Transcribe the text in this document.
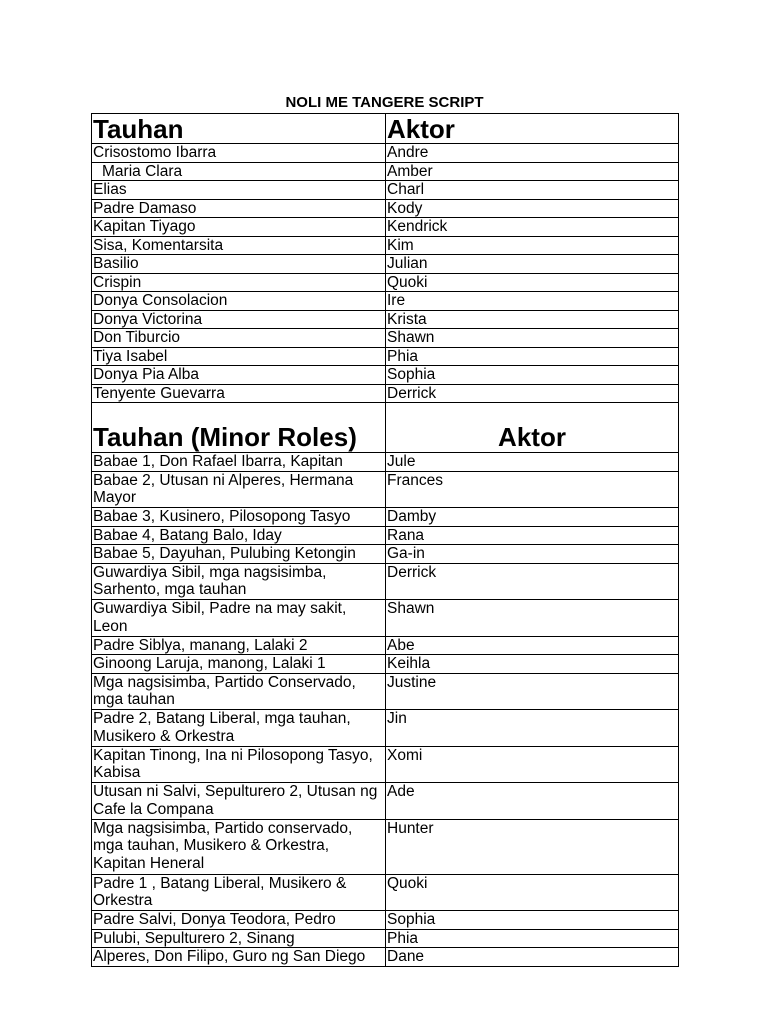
NOLI ME TANGERE SCRIPT
Tauhan	Aktor
Crisostomo Ibarra	Andre
Maria Clara	Amber
Elias	Charl
Padre Damaso	Kody
Kapitan Tiyago	Kendrick
Sisa, Komentarsita	Kim
Basilio	Julian
Crispin	Quoki
Donya Consolacion	Ire
Donya Victorina	Krista
Don Tiburcio	Shawn
Tiya Isabel	Phia
Donya Pia Alba	Sophia
Tenyente Guevarra	Derrick
Tauhan (Minor Roles)	Aktor
Babae 1, Don Rafael Ibarra, Kapitan	Jule
Babae 2, Utusan ni Alperes, Hermana Mayor	Frances
Babae 3, Kusinero, Pilosopong Tasyo	Damby
Babae 4, Batang Balo, Iday	Rana
Babae 5, Dayuhan, Pulubing Ketongin	Ga-in
Guwardiya Sibil, mga nagsisimba, Sarhento, mga tauhan	Derrick
Guwardiya Sibil, Padre na may sakit, Leon	Shawn
Padre Siblya, manang, Lalaki 2	Abe
Ginoong Laruja, manong, Lalaki 1	Keihla
Mga nagsisimba, Partido Conservado, mga tauhan	Justine
Padre 2, Batang Liberal, mga tauhan, Musikero & Orkestra	Jin
Kapitan Tinong, Ina ni Pilosopong Tasyo, Kabisa	Xomi
Utusan ni Salvi, Sepulturero 2, Utusan ng Cafe la Compana	Ade
Mga nagsisimba, Partido conservado, mga tauhan, Musikero & Orkestra, Kapitan Heneral	Hunter
Padre 1 , Batang Liberal, Musikero & Orkestra	Quoki
Padre Salvi, Donya Teodora, Pedro	Sophia
Pulubi, Sepulturero 2, Sinang	Phia
Alperes, Don Filipo, Guro ng San Diego	Dane
